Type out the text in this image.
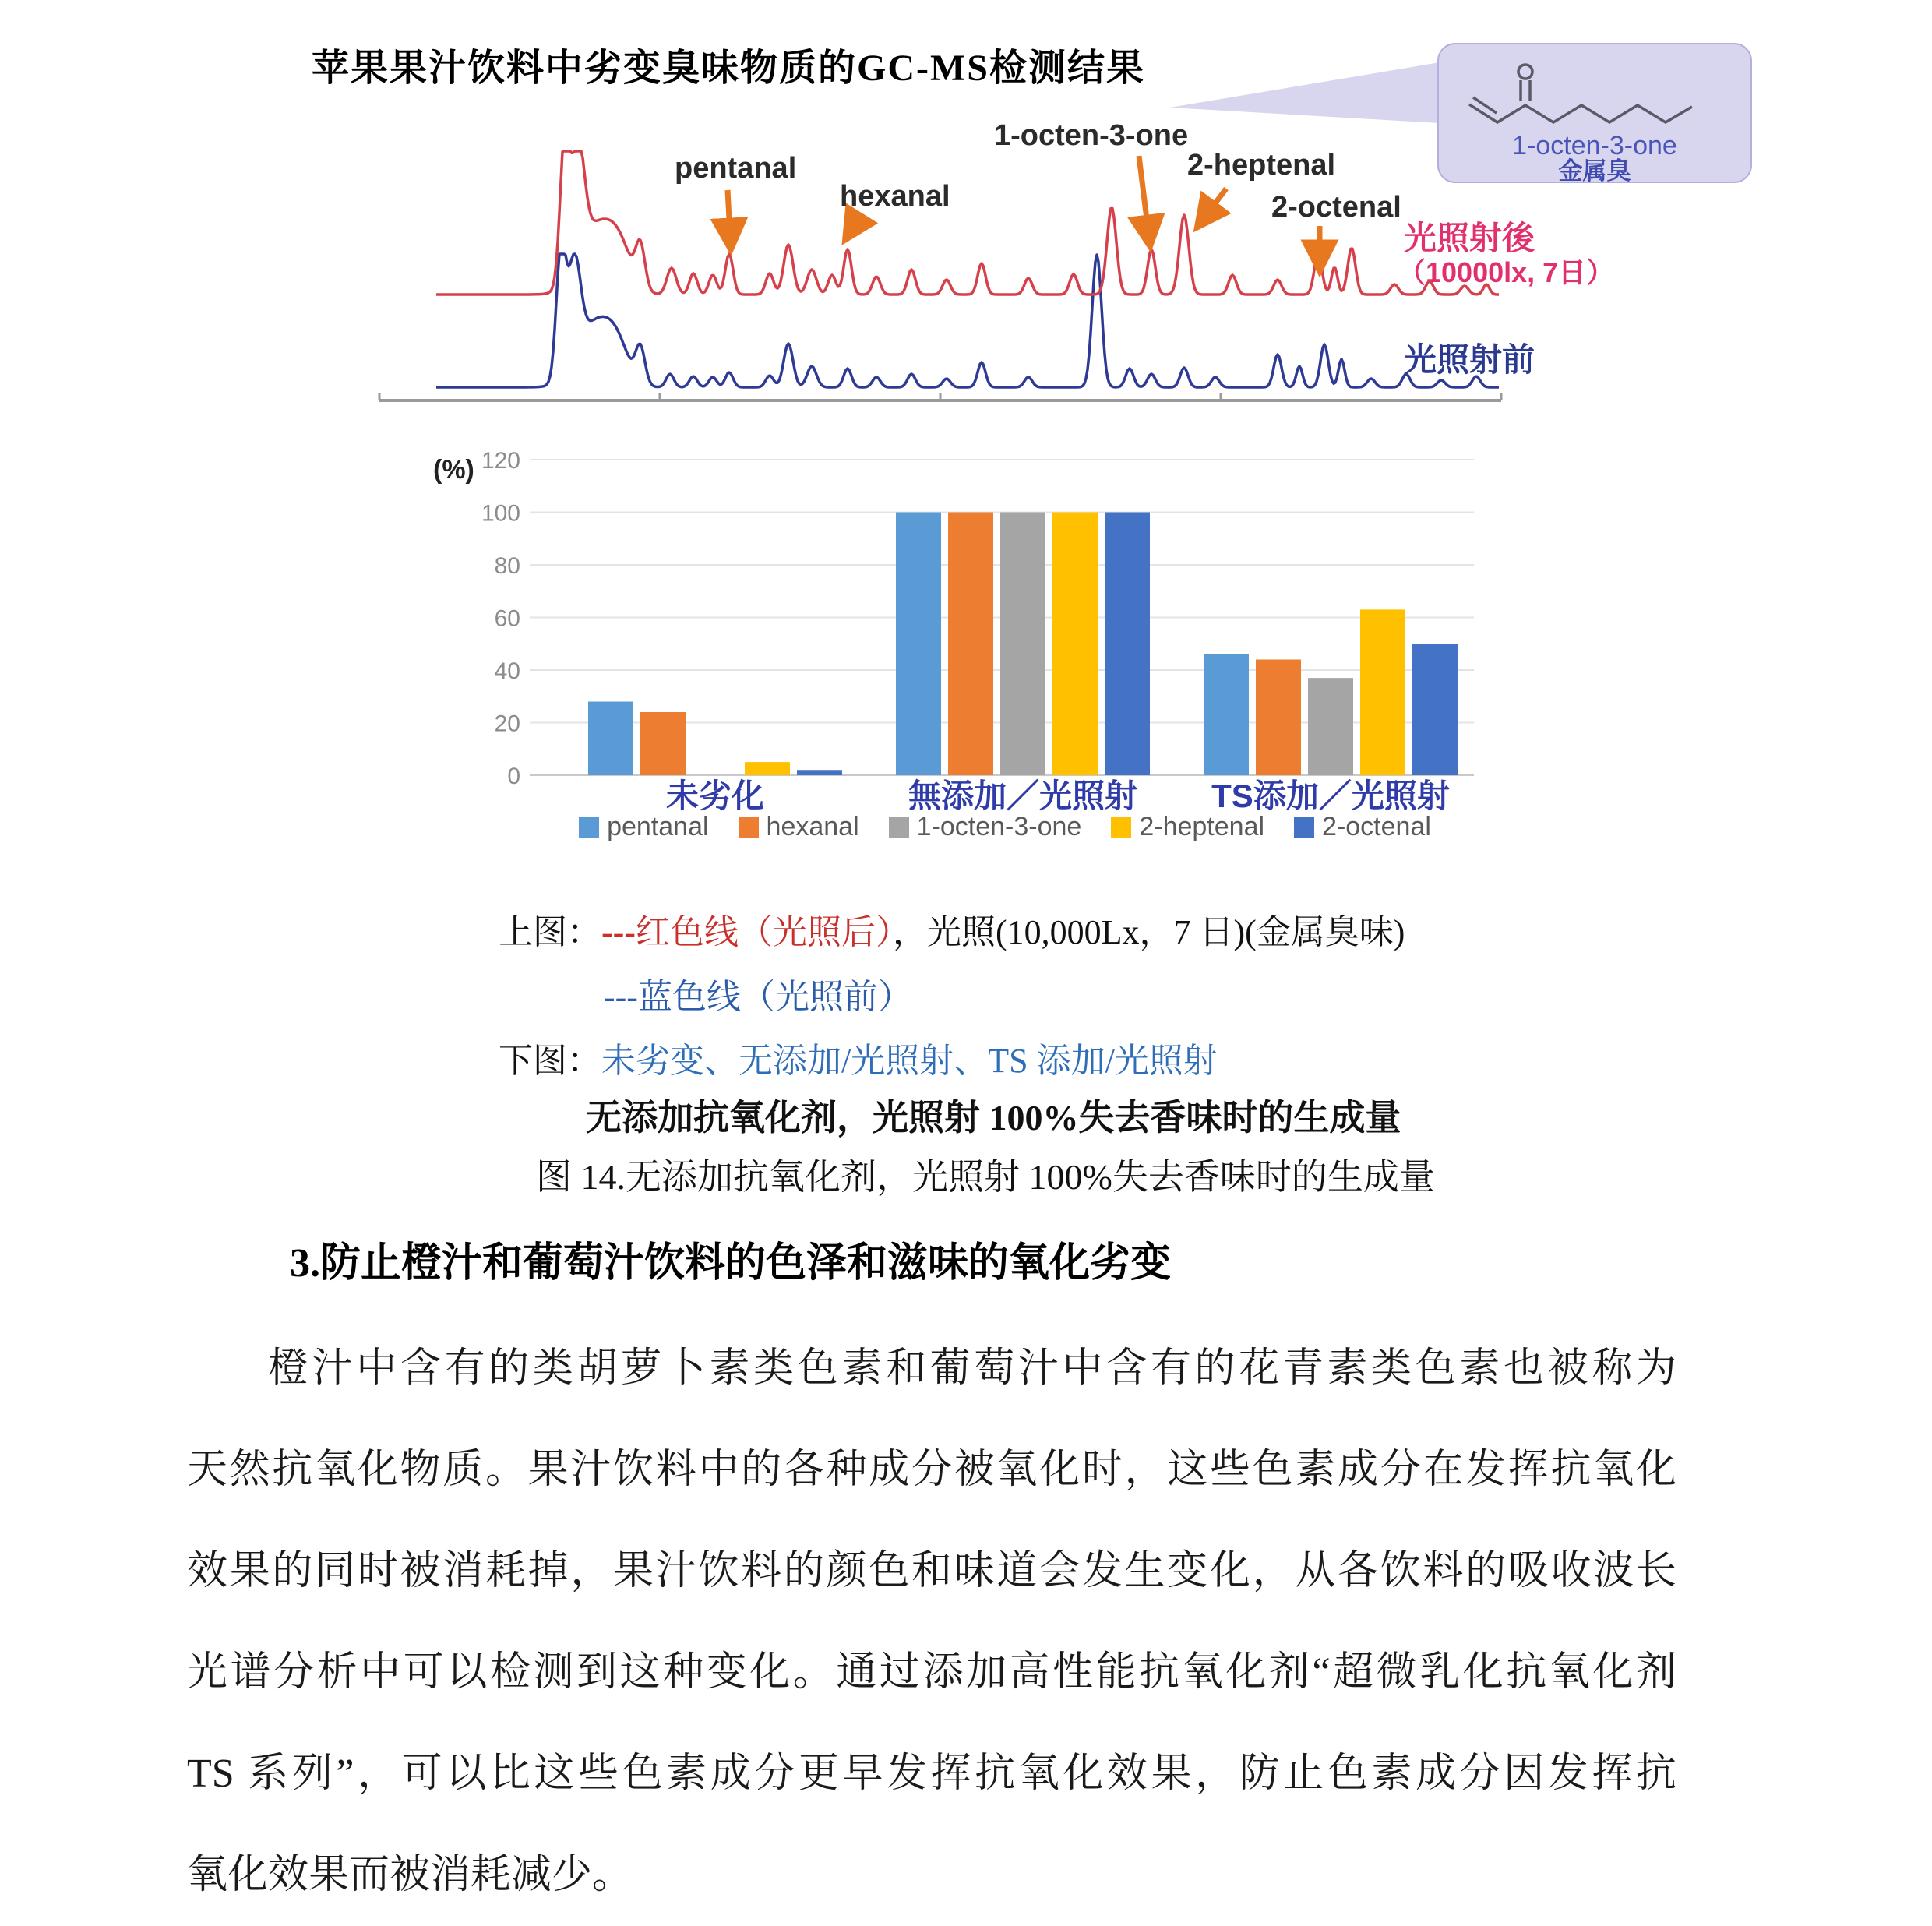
苹果果汁饮料中劣变臭味物质的GC-MS检测结果
1-octen-3-one
金属臭
光照射後
（10000lx, 7日）
光照射前
pentanal
hexanal
1-octen-3-one
2-heptenal
2-octenal
(%)
0
20
40
60
80
100
120
未劣化	無添加／光照射 TS添加／光照射
pentanal hexanal 1-octen-3-one 2-heptenal 2-octenal
上图：---红色线（光照后），光照(10,000Lx，7 日)(金属臭味)
---蓝色线（光照前）
下图：未劣变、无添加/光照射、TS 添加/光照射
无添加抗氧化剂，光照射 100%失去香味时的生成量
图 14.无添加抗氧化剂，光照射 100%失去香味时的生成量
3.防止橙汁和葡萄汁饮料的色泽和滋味的氧化劣变
橙汁中含有的类胡萝卜素类色素和葡萄汁中含有的花青素类色素也被称为
天然抗氧化物质。果汁饮料中的各种成分被氧化时，这些色素成分在发挥抗氧化
效果的同时被消耗掉，果汁饮料的颜色和味道会发生变化，从各饮料的吸收波长
光谱分析中可以检测到这种变化。通过添加高性能抗氧化剂“超微乳化抗氧化剂
TS 系列”，可以比这些色素成分更早发挥抗氧化效果，防止色素成分因发挥抗
氧化效果而被消耗减少。
